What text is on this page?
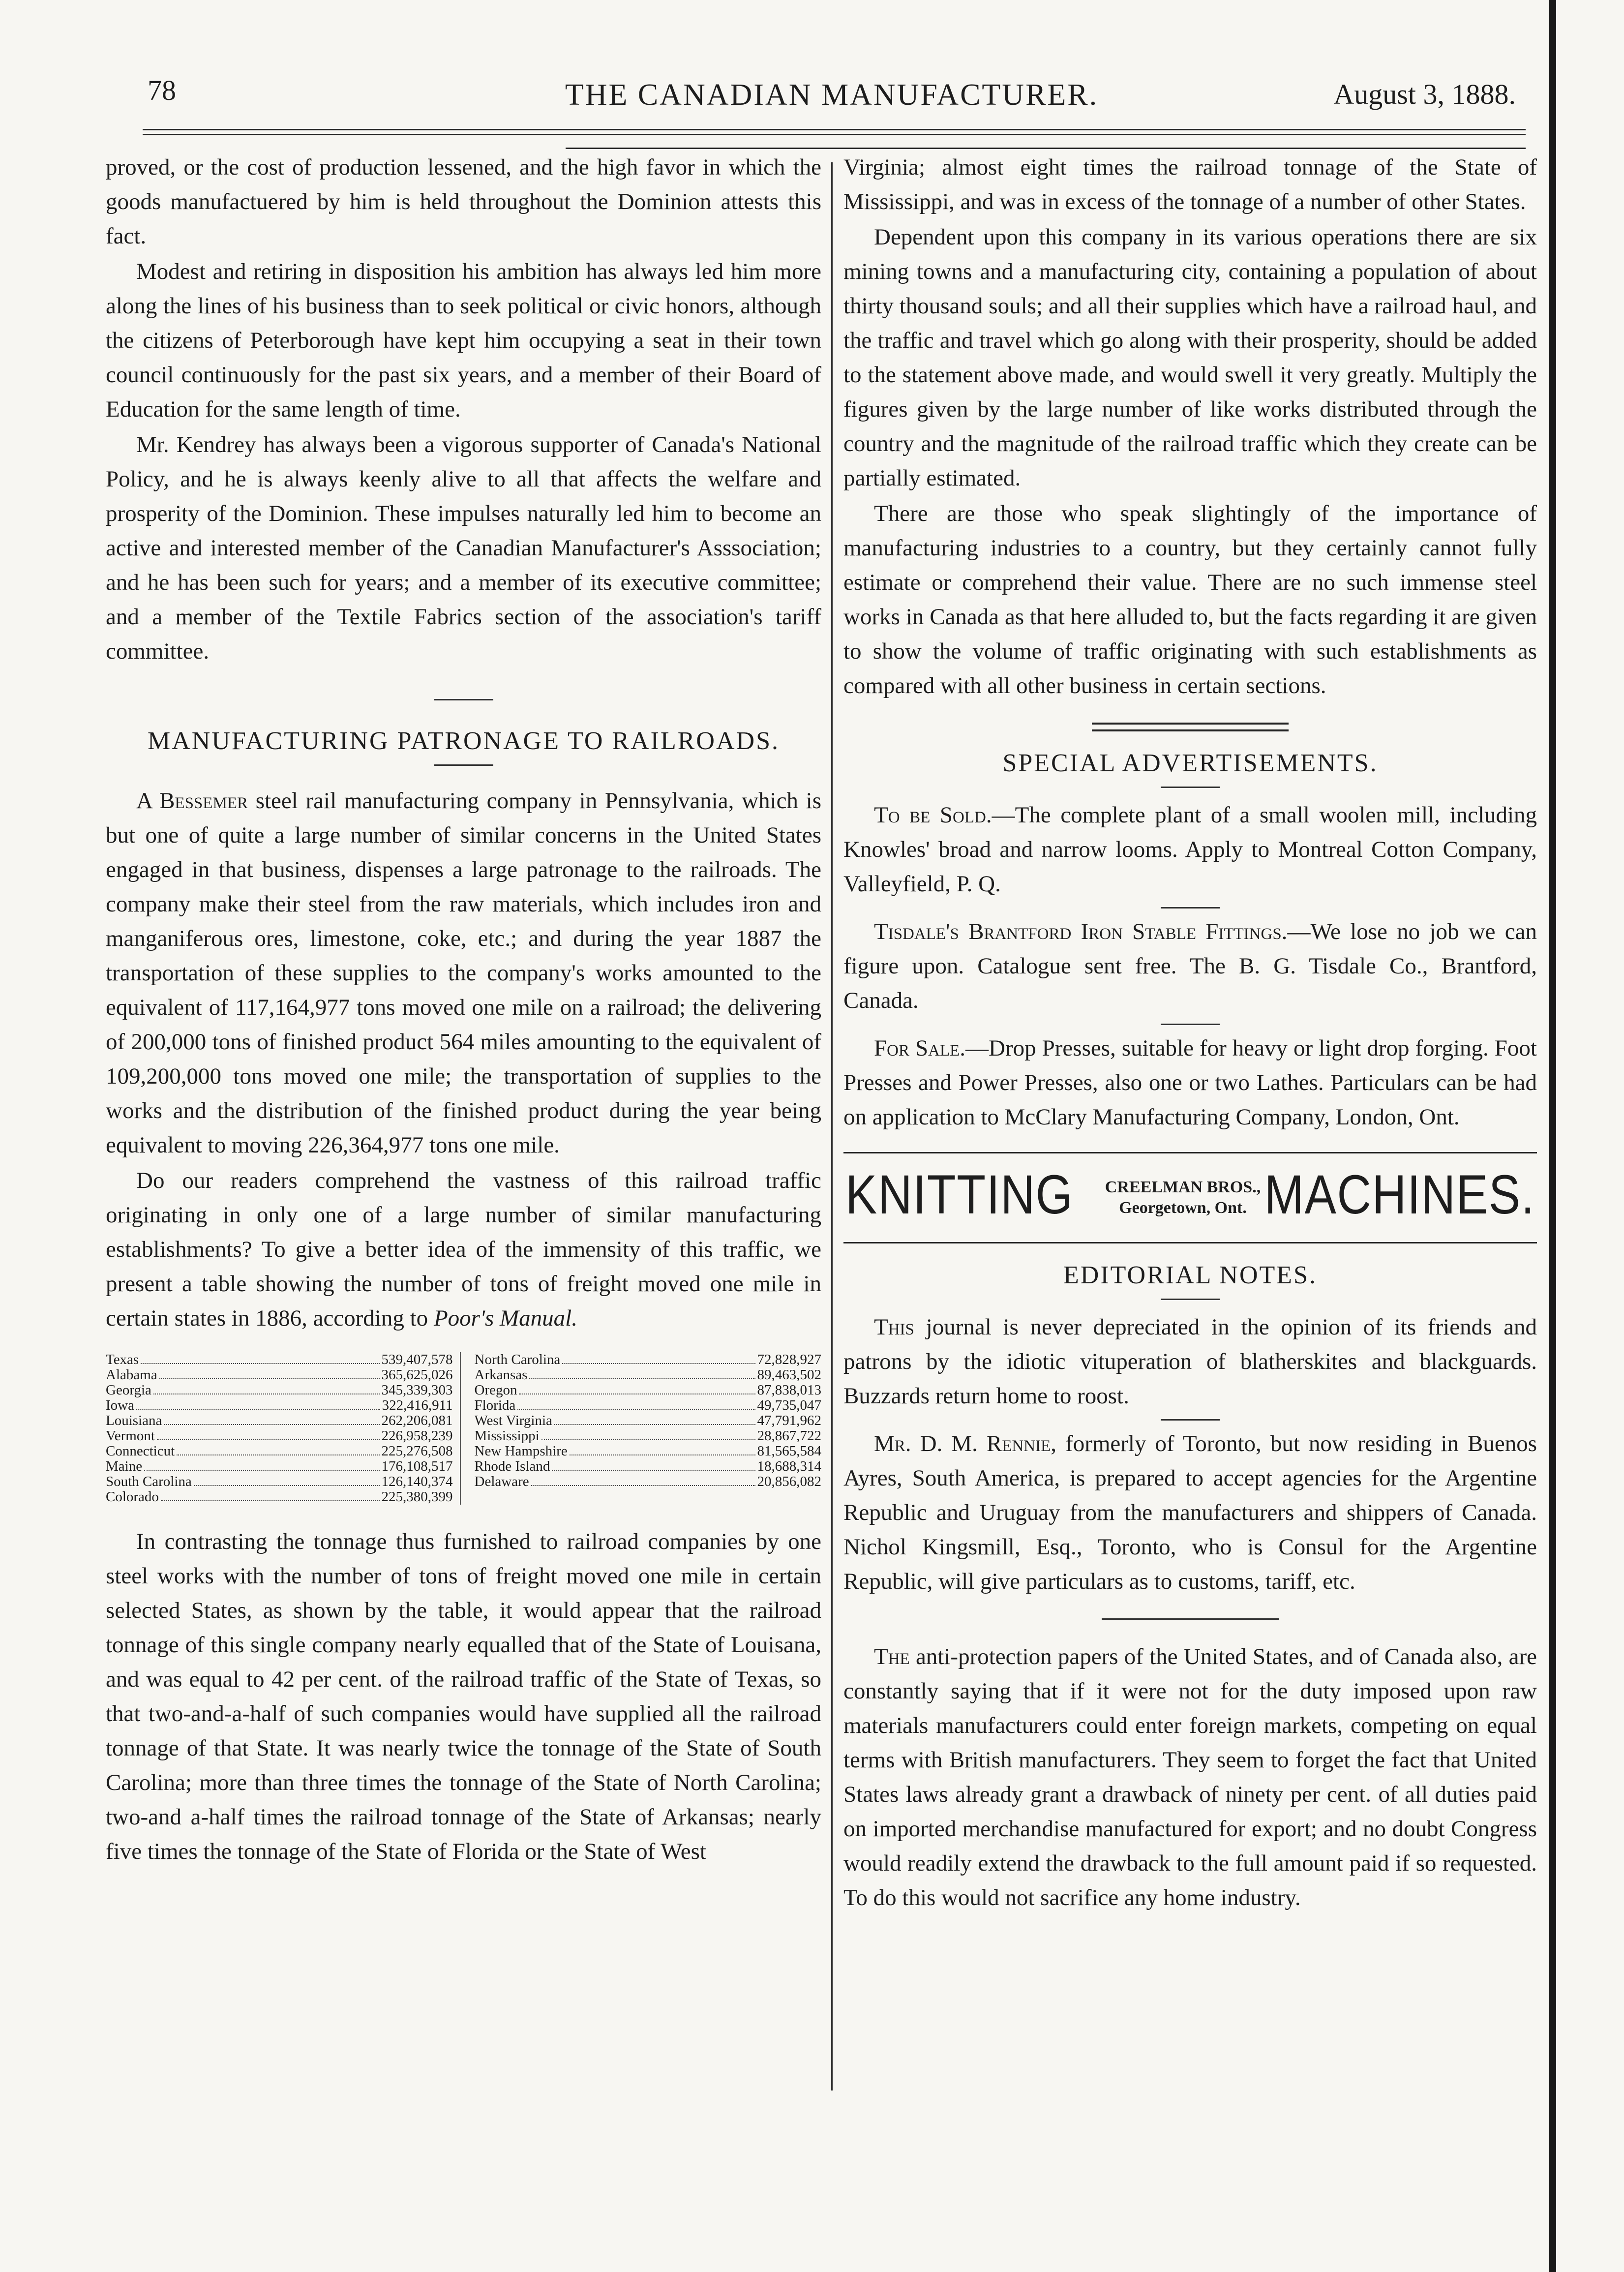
78	THE CANADIAN MANUFACTURER.	August 3, 1888.

proved, or the cost of production lessened, and the high favor in which the goods manufactuered by him is held throughout the Dominion attests this fact.

Modest and retiring in disposition his ambition has always led him more along the lines of his business than to seek political or civic honors, although the citizens of Peterborough have kept him occupying a seat in their town council continuously for the past six years, and a member of their Board of Education for the same length of time.

Mr. Kendrey has always been a vigorous supporter of Canada's National Policy, and he is always keenly alive to all that affects the welfare and prosperity of the Dominion. These impulses naturally led him to become an active and interested member of the Canadian Manufacturer's Asssociation; and he has been such for years; and a member of its executive committee; and a member of the Textile Fabrics section of the association's tariff committee.

MANUFACTURING PATRONAGE TO RAILROADS.

A Bessemer steel rail manufacturing company in Pennsylvania, which is but one of quite a large number of similar concerns in the United States engaged in that business, dispenses a large patronage to the railroads. The company make their steel from the raw materials, which includes iron and manganiferous ores, limestone, coke, etc.; and during the year 1887 the transportation of these supplies to the company's works amounted to the equivalent of 117,164,977 tons moved one mile on a railroad; the delivering of 200,000 tons of finished product 564 miles amounting to the equivalent of 109,200,000 tons moved one mile; the transportation of supplies to the works and the distribution of the finished product during the year being equivalent to moving 226,364,977 tons one mile.

Do our readers comprehend the vastness of this railroad traffic originating in only one of a large number of similar manufacturing establishments? To give a better idea of the immensity of this traffic, we present a table showing the number of tons of freight moved one mile in certain states in 1886, according to Poor's Manual.

Texas	539,407,578
Alabama	365,625,026
Georgia	345,339,303
Iowa	322,416,911
Louisiana	262,206,081
Vermont	226,958,239
Connecticut	225,276,508
Maine	176,108,517
South Carolina	126,140,374
Colorado	225,380,399
North Carolina	72,828,927
Arkansas	89,463,502
Oregon	87,838,013
Florida	49,735,047
West Virginia	47,791,962
Mississippi	28,867,722
New Hampshire	81,565,584
Rhode Island	18,688,314
Delaware	20,856,082

In contrasting the tonnage thus furnished to railroad companies by one steel works with the number of tons of freight moved one mile in certain selected States, as shown by the table, it would appear that the railroad tonnage of this single company nearly equalled that of the State of Louisana, and was equal to 42 per cent. of the railroad traffic of the State of Texas, so that two-and-a-half of such companies would have supplied all the railroad tonnage of that State. It was nearly twice the tonnage of the State of South Carolina; more than three times the tonnage of the State of North Carolina; two-and a-half times the railroad tonnage of the State of Arkansas; nearly five times the tonnage of the State of Florida or the State of West

Virginia; almost eight times the railroad tonnage of the State of Mississippi, and was in excess of the tonnage of a number of other States.

Dependent upon this company in its various operations there are six mining towns and a manufacturing city, containing a population of about thirty thousand souls; and all their supplies which have a railroad haul, and the traffic and travel which go along with their prosperity, should be added to the statement above made, and would swell it very greatly. Multiply the figures given by the large number of like works distributed through the country and the magnitude of the railroad traffic which they create can be partially estimated.

There are those who speak slightingly of the importance of manufacturing industries to a country, but they certainly cannot fully estimate or comprehend their value. There are no such immense steel works in Canada as that here alluded to, but the facts regarding it are given to show the volume of traffic originating with such establishments as compared with all other business in certain sections.

SPECIAL ADVERTISEMENTS.

To be Sold.—The complete plant of a small woolen mill, including Knowles' broad and narrow looms. Apply to Montreal Cotton Company, Valleyfield, P. Q.

Tisdale's Brantford Iron Stable Fittings.—We lose no job we can figure upon. Catalogue sent free. The B. G. Tisdale Co., Brantford, Canada.

For Sale.—Drop Presses, suitable for heavy or light drop forging. Foot Presses and Power Presses, also one or two Lathes. Particulars can be had on application to McClary Manufacturing Company, London, Ont.

KNITTING	CREELMAN BROS.,
Georgetown, Ont. MACHINES.
EDITORIAL NOTES.

This journal is never depreciated in the opinion of its friends and patrons by the idiotic vituperation of blatherskites and blackguards. Buzzards return home to roost.

Mr. D. M. Rennie, formerly of Toronto, but now residing in Buenos Ayres, South America, is prepared to accept agencies for the Argentine Republic and Uruguay from the manufacturers and shippers of Canada. Nichol Kingsmill, Esq., Toronto, who is Consul for the Argentine Republic, will give particulars as to customs, tariff, etc.

The anti-protection papers of the United States, and of Canada also, are constantly saying that if it were not for the duty imposed upon raw materials manufacturers could enter foreign markets, competing on equal terms with British manufacturers. They seem to forget the fact that United States laws already grant a drawback of ninety per cent. of all duties paid on imported merchandise manufactured for export; and no doubt Congress would readily extend the drawback to the full amount paid if so requested. To do this would not sacrifice any home industry.
